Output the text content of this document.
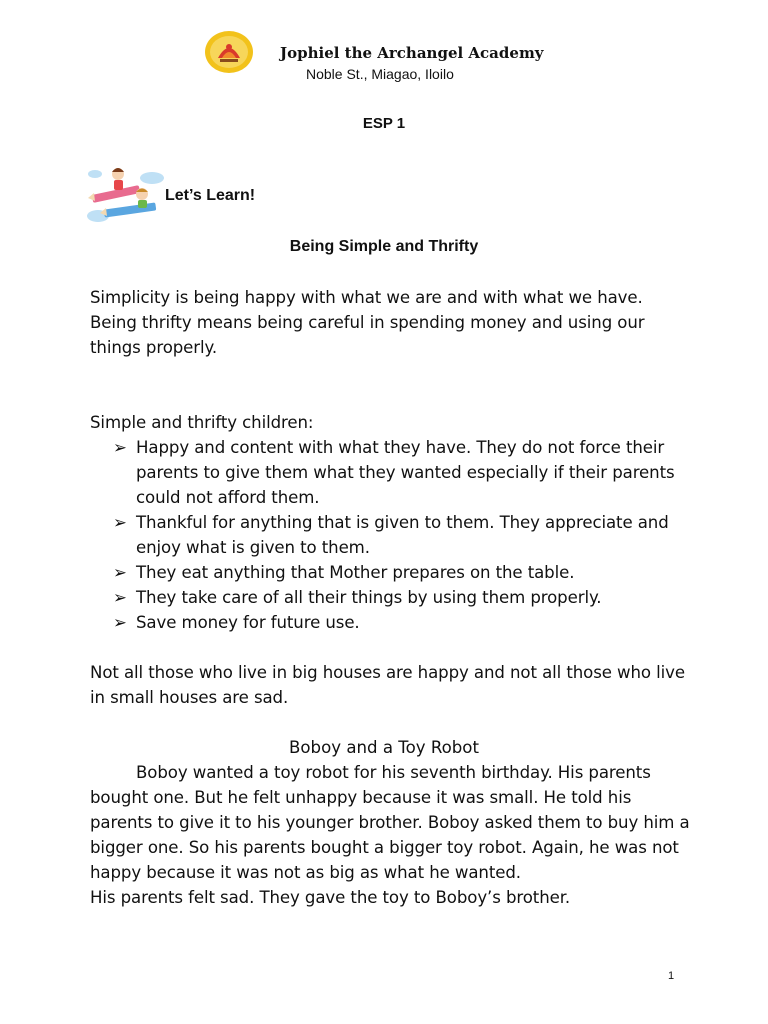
Jophiel the Archangel Academy
Noble St., Miagao, Iloilo
ESP 1
Let’s Learn!
Being Simple and Thrifty

Simplicity is being happy with what we are and with what we have.

Being thrifty means being careful in spending money and using our things properly.

Simple and thrifty children:

➢ Happy and content with what they have. They do not force their parents to give them what they wanted especially if their parents could not afford them.

➢ Thankful for anything that is given to them. They appreciate and enjoy what is given to them.

➢ They eat anything that Mother prepares on the table.

➢ They take care of all their things by using them properly.

➢ Save money for future use.

Not all those who live in big houses are happy and not all those who live in small houses are sad.
Boboy and a Toy Robot

Boboy wanted a toy robot for his seventh birthday. His parents bought one. But he felt unhappy because it was small. He told his parents to give it to his younger brother. Boboy asked them to buy him a bigger one. So his parents bought a bigger toy robot. Again, he was not happy because it was not as big as what he wanted.

His parents felt sad. They gave the toy to Boboy’s brother.

1
